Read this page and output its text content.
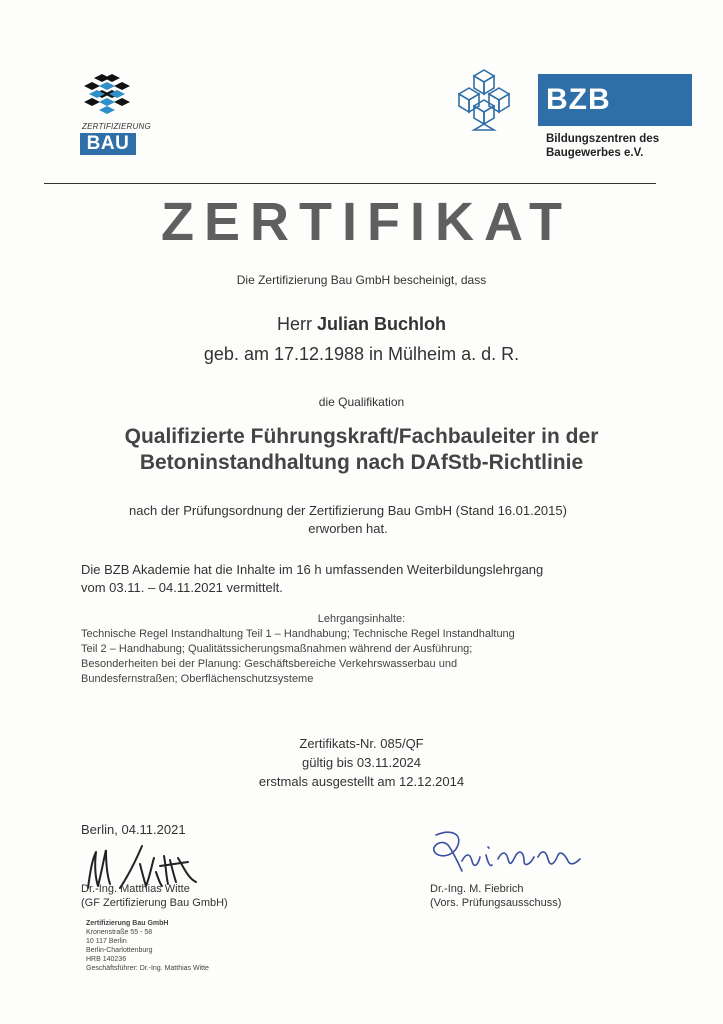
ZERTIFIZIERUNG
BAU
BZB
Bildungszentren des
Baugewerbes e.V.
ZERTIFIKAT
Die Zertifizierung Bau GmbH bescheinigt, dass
Herr Julian Buchloh
geb. am 17.12.1988 in Mülheim a. d. R.
die Qualifikation
Qualifizierte Führungskraft/Fachbauleiter in der
Betoninstandhaltung nach DAfStb-Richtlinie
nach der Prüfungsordnung der Zertifizierung Bau GmbH (Stand 16.01.2015)
erworben hat.
Die BZB Akademie hat die Inhalte im 16 h umfassenden Weiterbildungslehrgang
vom 03.11. – 04.11.2021 vermittelt.
Lehrgangsinhalte:
Technische Regel Instandhaltung Teil 1 – Handhabung; Technische Regel Instandhaltung
Teil 2 – Handhabung; Qualitätssicherungsmaßnahmen während der Ausführung;
Besonderheiten bei der Planung: Geschäftsbereiche Verkehrswasserbau und
Bundesfernstraßen; Oberflächenschutzsysteme
Zertifikats-Nr. 085/QF
gültig bis 03.11.2024
erstmals ausgestellt am 12.12.2014
Berlin, 04.11.2021
Dr.-Ing. Matthias Witte
(GF Zertifizierung Bau GmbH)
Dr.-Ing. M. Fiebrich
(Vors. Prüfungsausschuss)
Zertifizierung Bau GmbH
Kronenstraße 55 - 58
10 117 Berlin
Berlin-Charlottenburg
HRB 140236
Geschäftsführer: Dr.-Ing. Matthias Witte
